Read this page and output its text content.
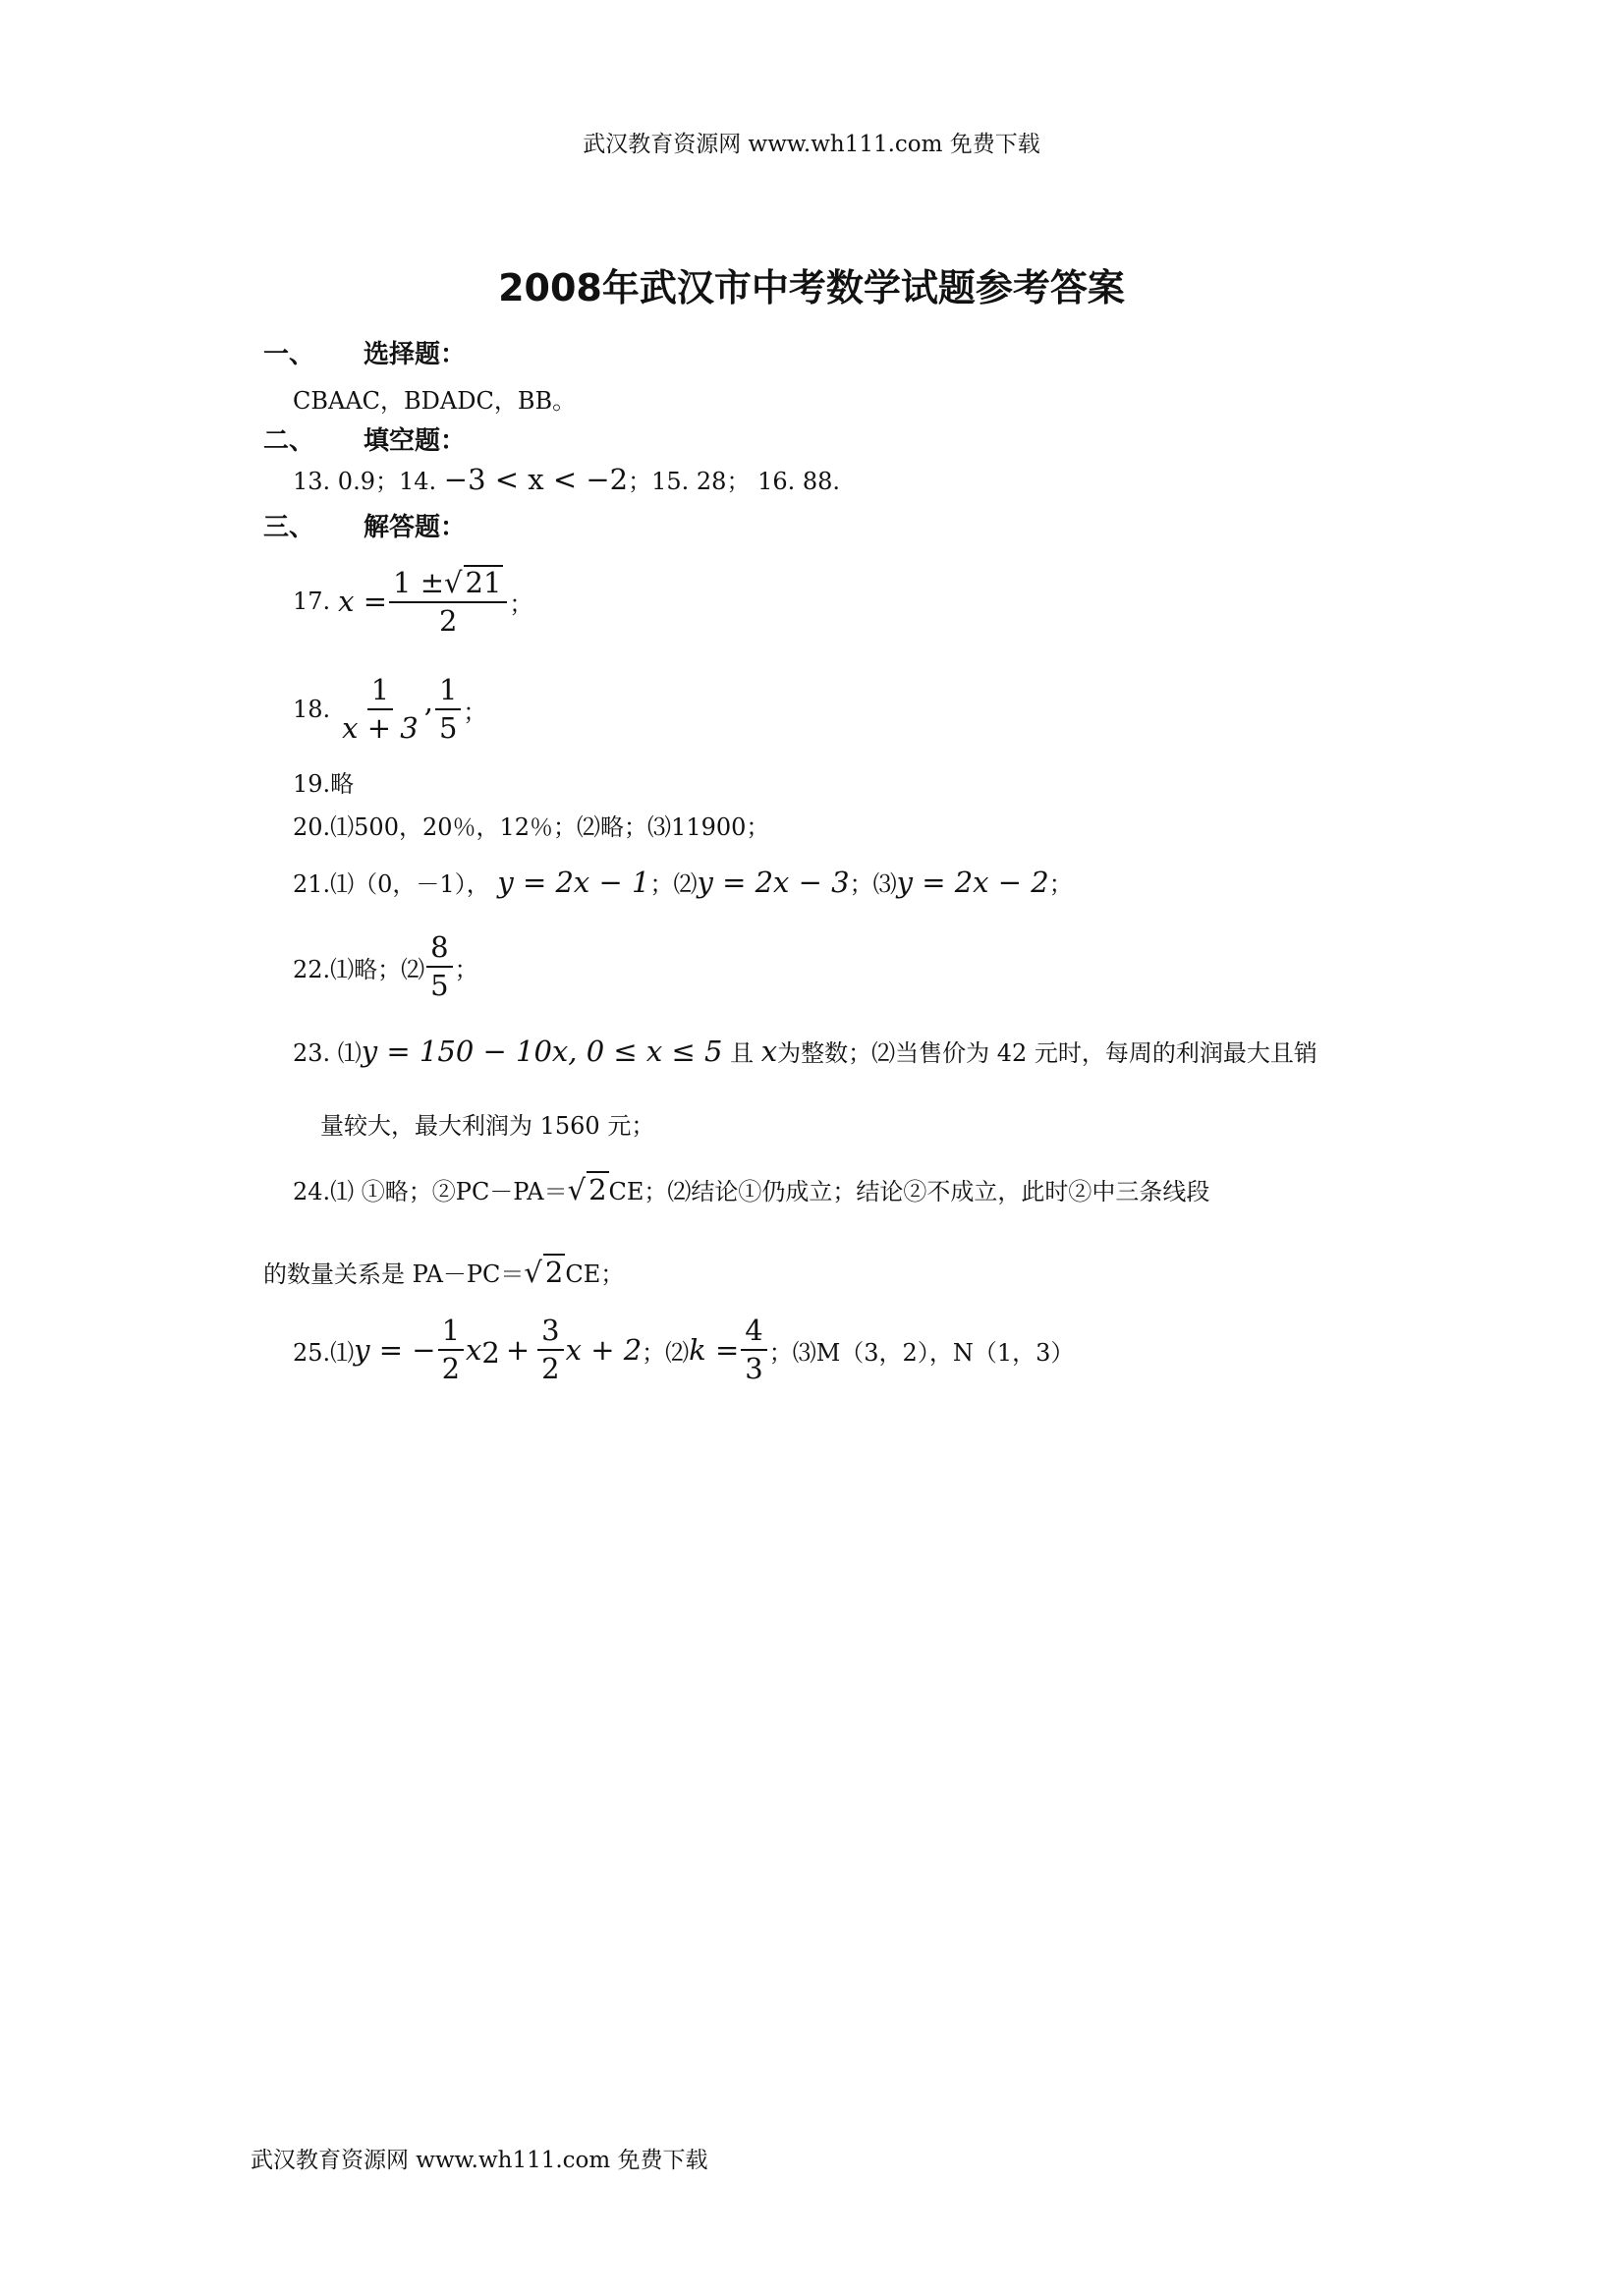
武汉教育资源网 www.wh111.com 免费下载
2008年武汉市中考数学试题参考答案
一、 选择题：
CBAAC，BDADC，BB。
二、 填空题：
13. 0.9；14. −3 < x < −2；15. 28； 16. 88.
三、 解答题：
17. $x = \frac{1 \pm√ 21}{2}$ ；
18. $\frac{1}{x + 3}$ , $\frac{1}{5}$ ；
19.略
20.⑴500，20％，12％；⑵略；⑶11900；
21.⑴（0，－1）， y = 2x − 1；⑵y = 2x − 3；⑶y = 2x − 2；
22.⑴略；⑵ $\frac{8}{5}$ ；
23. ⑴y = 150 − 10x, 0 ≤ x ≤ 5 且 x为整数；⑵当售价为 42 元时，每周的利润最大且销
量较大，最大利润为 1560 元；
24.⑴ ①略；②PC－PA＝√ 2CE；⑵结论①仍成立；结论②不成立，此时②中三条线段
的数量关系是 PA－PC＝√ 2CE；
25.⑴ y = − $\frac{1}{2}$ x $2 + \frac{3}{2}$ x + 2 ；⑵ $k = \frac{4}{3}$ ；⑶M（3，2），N（1，3）
武汉教育资源网 www.wh111.com 免费下载
